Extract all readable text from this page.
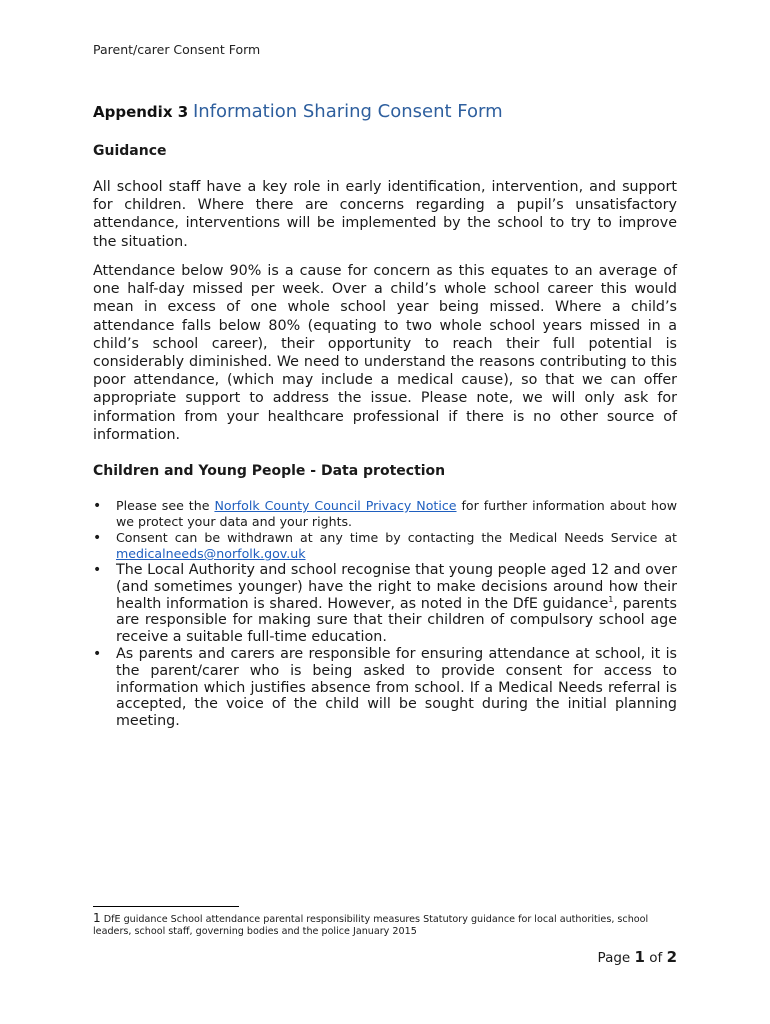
Parent/carer Consent Form
Appendix 3 Information Sharing Consent Form
Guidance

All school staff have a key role in early identification, intervention, and support for children. Where there are concerns regarding a pupil’s unsatisfactory attendance, interventions will be implemented by the school to try to improve the situation.

Attendance below 90% is a cause for concern as this equates to an average of one half-day missed per week. Over a child’s whole school career this would mean in excess of one whole school year being missed. Where a child’s attendance falls below 80% (equating to two whole school years missed in a child’s school career), their opportunity to reach their full potential is considerably diminished. We need to understand the reasons contributing to this poor attendance, (which may include a medical cause), so that we can offer appropriate support to address the issue. Please note, we will only ask for information from your healthcare professional if there is no other source of information.

Children and Young People - Data protection
• Please see the Norfolk County Council Privacy Notice for further information about how we protect your data and your rights.
• Consent can be withdrawn at any time by contacting the Medical Needs Service at medicalneeds@norfolk.gov.uk
• The Local Authority and school recognise that young people aged 12 and over (and sometimes younger) have the right to make decisions around how their health information is shared. However, as noted in the DfE guidance$^1$, parents are responsible for making sure that their children of compulsory school age receive a suitable full-time education.
• As parents and carers are responsible for ensuring attendance at school, it is the parent/carer who is being asked to provide consent for access to information which justifies absence from school. If a Medical Needs referral is accepted, the voice of the child will be sought during the initial planning meeting.
1 DfE guidance School attendance parental responsibility measures Statutory guidance for local authorities, school leaders, school staff, governing bodies and the police January 2015
Page 1 of 2
